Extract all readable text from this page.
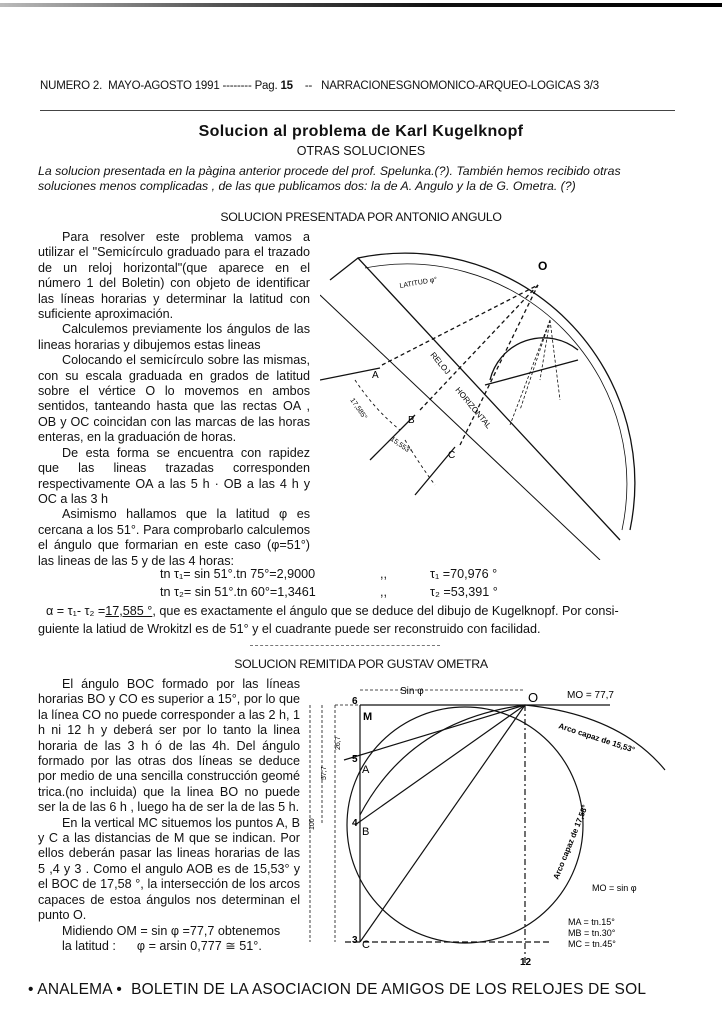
NUMERO 2. MAYO-AGOSTO 1991 -------- Pag. 15 -- NARRACIONESGNOMONICO-ARQUEO-LOGICAS 3/3
Solucion al problema de Karl Kugelknopf
OTRAS SOLUCIONES
La solucion presentada en la pàgina anterior procede del prof. Spelunka.(?). También hemos recibido otras soluciones menos complicadas , de las que publicamos dos: la de A. Angulo y la de G. Ometra. (?)
SOLUCION PRESENTADA POR ANTONIO ANGULO

Para resolver este problema vamos a utilizar el "Semicírculo graduado para el trazado de un reloj horizontal"(que aparece en el número 1 del Boletin) con objeto de identificar las líneas horarias y determinar la latitud con suficiente aproximación.

Calculemos previamente los ángulos de las lineas horarias y dibujemos estas lineas

Colocando el semicírculo sobre las mismas, con su escala graduada en grados de latitud sobre el vértice O lo movemos en ambos sentidos, tanteando hasta que las rectas OA , OB y OC coincidan con las marcas de las horas enteras, en la graduación de horas.

De esta forma se encuentra con rapidez que las lineas trazadas corresponden respectivamente OA a las 5 h · OB a las 4 h y OC a las 3 h

Asimismo hallamos que la latitud φ es cercana a los 51°. Para comprobarlo calculemos el ángulo que formarian en este caso (φ=51°) las lineas de las 5 y de las 4 horas:

O
A
B
C
LATITUD φ°
RELOJ
HORIZONTAL
17,585°
15,553°
tn τ₁= sin 51°.tn 75°=2,9000	,,	τ₁ =70,976 °
tn τ₂= sin 51°.tn 60°=1,3461	,,	τ₂ =53,391 °
α = τ₁- τ₂ =17,585 °, que es exactamente el ángulo que se deduce del dibujo de Kugelknopf. Por consi-
guiente la latiud de Wrokitzl es de 51° y el cuadrante puede ser reconstruido con facilidad.
SOLUCION REMITIDA POR GUSTAV OMETRA

El ángulo BOC formado por las líneas horarias BO y CO es superior a 15°, por lo que la línea CO no puede corresponder a las 2 h, 1 h ni 12 h y deberá ser por lo tanto la linea horaria de las 3 h ó de las 4h. Del ángulo formado por las otras dos líneas se deduce por medio de una sencilla construcción geomé trica.(no incluida) que la linea BO no puede ser la de las 6 h , luego ha de ser la de las 5 h.

En la vertical MC situemos los puntos A, B y C a las distancias de M que se indican. Por ellos deberán pasar las lineas horarias de las 5 ,4 y 3 . Como el angulo AOB es de 15,53° y el BOC de 17,58 °, la intersección de los arcos capaces de estoa ángulos nos determinan el punto O.

Midiendo OM = sin φ =77,7 obtenemos

la latitud : φ = arsin 0,777 ≅ 51°.

Sin φ	MO = 77,7
O
6
M
5
A
4
B
3 C
12
26,7
57,7
100
Arco capaz de 15,53°
Arco capaz de 17,58°
MO = sin φ
MA = tn.15°
MB = tn.30°
MC = tn.45°
• ANALEMA • BOLETIN DE LA ASOCIACION DE AMIGOS DE LOS RELOJES DE SOL
